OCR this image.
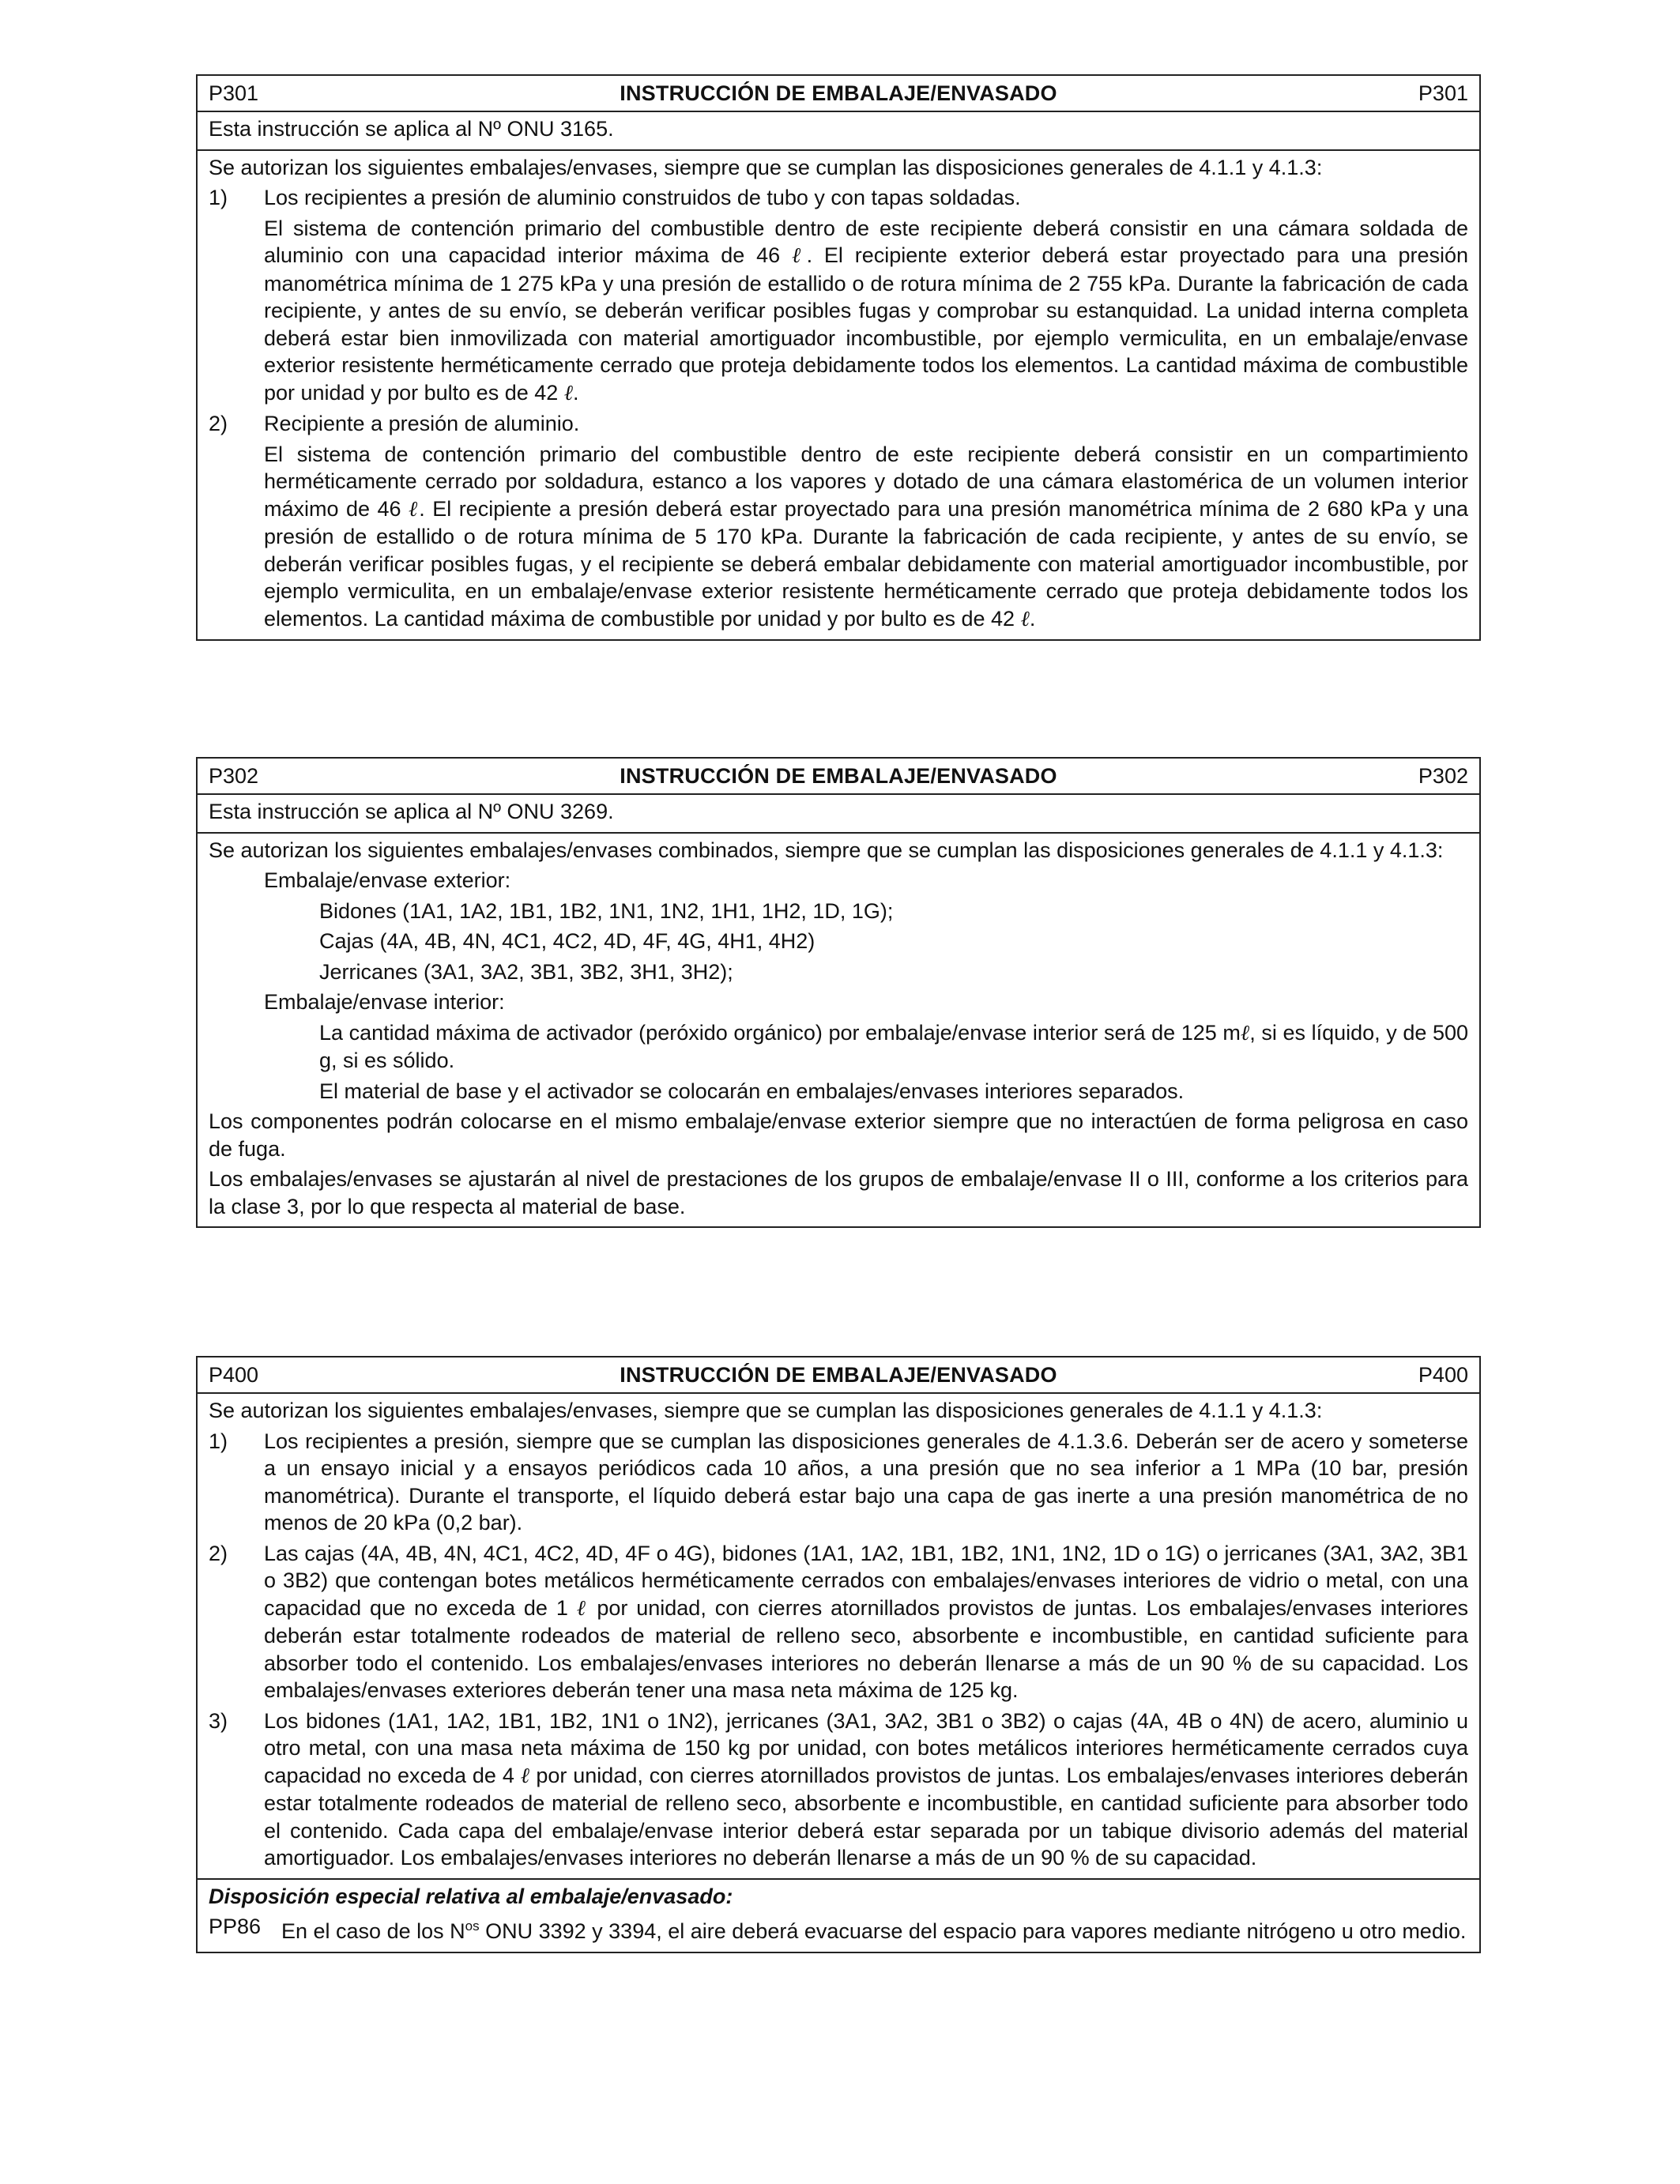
P301	INSTRUCCIÓN DE EMBALAJE/ENVASADO	P301

Esta instrucción se aplica al Nº ONU 3165.

Se autorizan los siguientes embalajes/envases, siempre que se cumplan las disposiciones generales de 4.1.1 y 4.1.3:

1)	Los recipientes a presión de aluminio construidos de tubo y con tapas soldadas.

El sistema de contención primario del combustible dentro de este recipiente deberá consistir en una cámara soldada de aluminio con una capacidad interior máxima de 46 ℓ. El recipiente exterior deberá estar proyectado para una presión manométrica mínima de 1 275 kPa y una presión de estallido o de rotura mínima de 2 755 kPa. Durante la fabricación de cada recipiente, y antes de su envío, se deberán verificar posibles fugas y comprobar su estanquidad. La unidad interna completa deberá estar bien inmovilizada con material amortiguador incombustible, por ejemplo vermiculita, en un embalaje/envase exterior resistente herméticamente cerrado que proteja debidamente todos los elementos. La cantidad máxima de combustible por unidad y por bulto es de 42 ℓ.

2)	Recipiente a presión de aluminio.

El sistema de contención primario del combustible dentro de este recipiente deberá consistir en un compartimiento herméticamente cerrado por soldadura, estanco a los vapores y dotado de una cámara elastomérica de un volumen interior máximo de 46 ℓ. El recipiente a presión deberá estar proyectado para una presión manométrica mínima de 2 680 kPa y una presión de estallido o de rotura mínima de 5 170 kPa. Durante la fabricación de cada recipiente, y antes de su envío, se deberán verificar posibles fugas, y el recipiente se deberá embalar debidamente con material amortiguador incombustible, por ejemplo vermiculita, en un embalaje/envase exterior resistente herméticamente cerrado que proteja debidamente todos los elementos. La cantidad máxima de combustible por unidad y por bulto es de 42 ℓ.

P302	INSTRUCCIÓN DE EMBALAJE/ENVASADO	P302

Esta instrucción se aplica al Nº ONU 3269.

Se autorizan los siguientes embalajes/envases combinados, siempre que se cumplan las disposiciones generales de 4.1.1 y 4.1.3:

Embalaje/envase exterior:

Bidones (1A1, 1A2, 1B1, 1B2, 1N1, 1N2, 1H1, 1H2, 1D, 1G);

Cajas (4A, 4B, 4N, 4C1, 4C2, 4D, 4F, 4G, 4H1, 4H2)

Jerricanes (3A1, 3A2, 3B1, 3B2, 3H1, 3H2);

Embalaje/envase interior:

La cantidad máxima de activador (peróxido orgánico) por embalaje/envase interior será de 125 mℓ, si es líquido, y de 500 g, si es sólido.

El material de base y el activador se colocarán en embalajes/envases interiores separados.

Los componentes podrán colocarse en el mismo embalaje/envase exterior siempre que no interactúen de forma peligrosa en caso de fuga.

Los embalajes/envases se ajustarán al nivel de prestaciones de los grupos de embalaje/envase II o III, conforme a los criterios para la clase 3, por lo que respecta al material de base.

P400	INSTRUCCIÓN DE EMBALAJE/ENVASADO	P400

Se autorizan los siguientes embalajes/envases, siempre que se cumplan las disposiciones generales de 4.1.1 y 4.1.3:

1)	Los recipientes a presión, siempre que se cumplan las disposiciones generales de 4.1.3.6. Deberán ser de acero y someterse a un ensayo inicial y a ensayos periódicos cada 10 años, a una presión que no sea inferior a 1 MPa (10 bar, presión manométrica). Durante el transporte, el líquido deberá estar bajo una capa de gas inerte a una presión manométrica de no menos de 20 kPa (0,2 bar).

2)	Las cajas (4A, 4B, 4N, 4C1, 4C2, 4D, 4F o 4G), bidones (1A1, 1A2, 1B1, 1B2, 1N1, 1N2, 1D o 1G) o jerricanes (3A1, 3A2, 3B1 o 3B2) que contengan botes metálicos herméticamente cerrados con embalajes/envases interiores de vidrio o metal, con una capacidad que no exceda de 1 ℓ por unidad, con cierres atornillados provistos de juntas. Los embalajes/envases interiores deberán estar totalmente rodeados de material de relleno seco, absorbente e incombustible, en cantidad suficiente para absorber todo el contenido. Los embalajes/envases interiores no deberán llenarse a más de un 90 % de su capacidad. Los embalajes/envases exteriores deberán tener una masa neta máxima de 125 kg.

3)	Los bidones (1A1, 1A2, 1B1, 1B2, 1N1 o 1N2), jerricanes (3A1, 3A2, 3B1 o 3B2) o cajas (4A, 4B o 4N) de acero, aluminio u otro metal, con una masa neta máxima de 150 kg por unidad, con botes metálicos interiores herméticamente cerrados cuya capacidad no exceda de 4 ℓ por unidad, con cierres atornillados provistos de juntas. Los embalajes/envases interiores deberán estar totalmente rodeados de material de relleno seco, absorbente e incombustible, en cantidad suficiente para absorber todo el contenido. Cada capa del embalaje/envase interior deberá estar separada por un tabique divisorio además del material amortiguador. Los embalajes/envases interiores no deberán llenarse a más de un 90 % de su capacidad.

Disposición especial relativa al embalaje/envasado:

PP86 En el caso de los $N^{os}$ ONU 3392 y 3394, el aire deberá evacuarse del espacio para vapores mediante nitrógeno u otro medio.
